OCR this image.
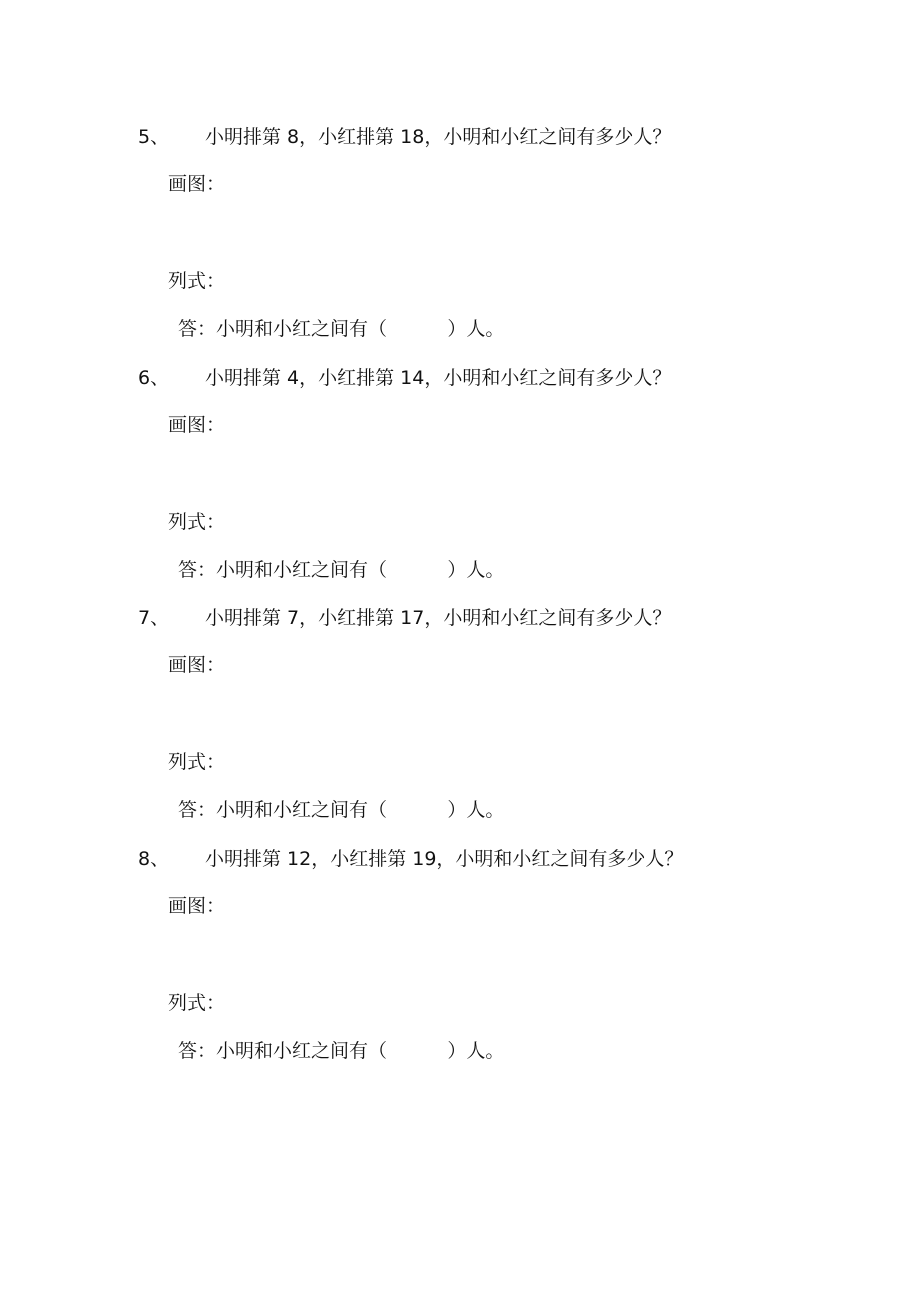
5、 小明排第 8，小红排第 18，小明和小红之间有多少人？
画图：
列式：
答：小明和小红之间有（          ）人。
6、 小明排第 4，小红排第 14，小明和小红之间有多少人？
画图：
列式：
答：小明和小红之间有（          ）人。
7、 小明排第 7，小红排第 17，小明和小红之间有多少人？
画图：
列式：
答：小明和小红之间有（          ）人。
8、 小明排第 12，小红排第 19，小明和小红之间有多少人？
画图：
列式：
答：小明和小红之间有（          ）人。
